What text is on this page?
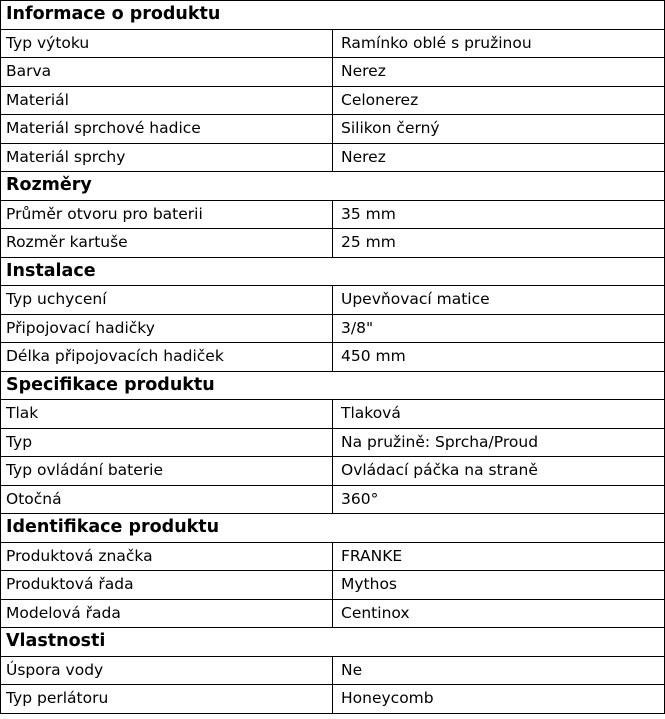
Informace o produktu	
Typ výtoku	Ramínko oblé s pružinou
Barva	Nerez
Materiál	Celonerez
Materiál sprchové hadice	Silikon černý
Materiál sprchy	Nerez
Rozměry	
Průměr otvoru pro baterii	35 mm
Rozměr kartuše	25 mm
Instalace	
Typ uchycení	Upevňovací matice
Připojovací hadičky	3/8"
Délka připojovacích hadiček	450 mm
Specifikace produktu	
Tlak	Tlaková
Typ	Na pružině: Sprcha/Proud
Typ ovládání baterie	Ovládací páčka na straně
Otočná	360°
Identifikace produktu	
Produktová značka	FRANKE
Produktová řada	Mythos
Modelová řada	Centinox
Vlastnosti	
Úspora vody	Ne
Typ perlátoru	Honeycomb
